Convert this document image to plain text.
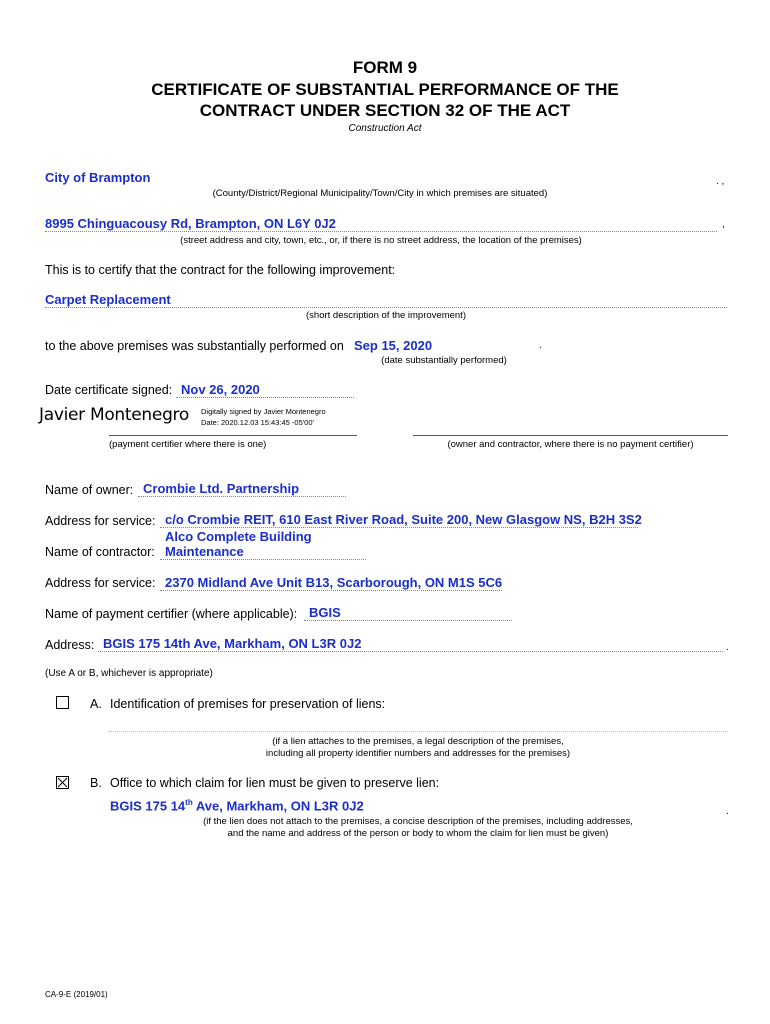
FORM 9
CERTIFICATE OF SUBSTANTIAL PERFORMANCE OF THE
CONTRACT UNDER SECTION 32 OF THE ACT
Construction Act
City of Brampton	. ,
(County/District/Regional Municipality/Town/City in which premises are situated)
8995 Chinguacousy Rd, Brampton, ON L6Y 0J2	,
(street address and city, town, etc., or, if there is no street address, the location of the premises)
This is to certify that the contract for the following improvement:
Carpet Replacement
(short description of the improvement)
to the above premises was substantially performed on Sep 15, 2020	.
(date substantially performed)
Date certificate signed: Nov 26, 2020
Javier Montenegro Digitally signed by Javier Montenegro
Date: 2020.12.03 15:43:45 -05'00'
(payment certifier where there is one)	(owner and contractor, where there is no payment certifier)
Name of owner: Crombie Ltd. Partnership
Address for service: c/o Crombie REIT, 610 East River Road, Suite 200, New Glasgow NS, B2H 3S2
Alco Complete Building
Name of contractor: Maintenance
Address for service: 2370 Midland Ave Unit B13, Scarborough, ON M1S 5C6
Name of payment certifier (where applicable): BGIS
Address: BGIS 175 14th Ave, Markham, ON L3R 0J2	.
(Use A or B, whichever is appropriate)
A. Identification of premises for preservation of liens:
(if a lien attaches to the premises, a legal description of the premises,
including all property identifier numbers and addresses for the premises)
B. Office to which claim for lien must be given to preserve lien:
BGIS 175 14th Ave, Markham, ON L3R 0J2	.
(if the lien does not attach to the premises, a concise description of the premises, including addresses,
and the name and address of the person or body to whom the claim for lien must be given)
CA-9-E (2019/01)
